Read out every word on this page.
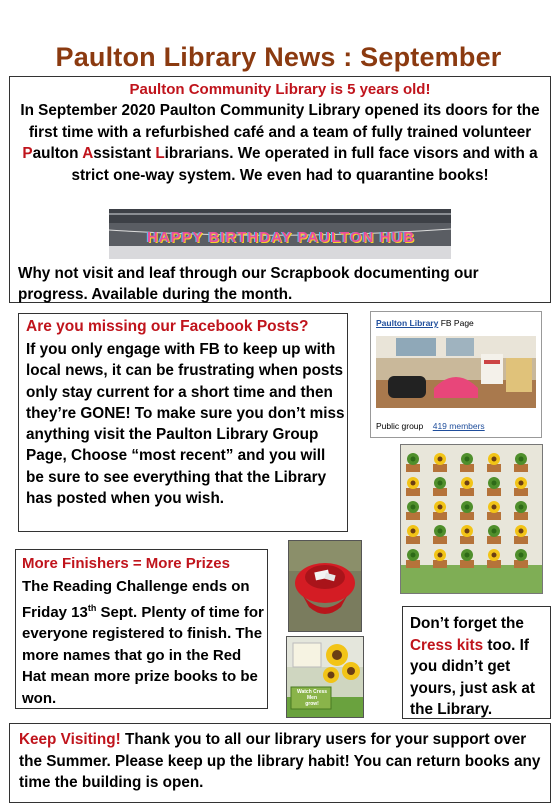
Paulton Library News : September
Paulton Community Library is 5 years old!
In September 2020 Paulton Community Library opened its doors for the first time with a refurbished café and a team of fully trained volunteer Paulton Assistant Librarians. We operated in full face visors and with a strict one-way system. We even had to quarantine books!
Why not visit and leaf through our Scrapbook documenting our progress. Available during the month.
HAPPY BIRTHDAY PAULTON HUB
Are you missing our Facebook Posts?
If you only engage with FB to keep up with local news, it can be frustrating when posts only stay current for a short time and then they’re GONE! To make sure you don’t miss anything visit the Paulton Library Group Page, Choose “most recent” and you will be sure to see everything that the Library has posted when you wish.
Paulton Library FB Page
Public group 419 members
More Finishers = More Prizes
The Reading Challenge ends on Friday 13th Sept. Plenty of time for everyone registered to finish. The more names that go in the Red Hat mean more prize books to be won.	Watch Cress Men
grow!
Don’t forget the Cress kits too. If you didn’t get yours, just ask at the Library.
Keep Visiting! Thank you to all our library users for your support over the Summer. Please keep up the library habit! You can return books any time the building is open.
